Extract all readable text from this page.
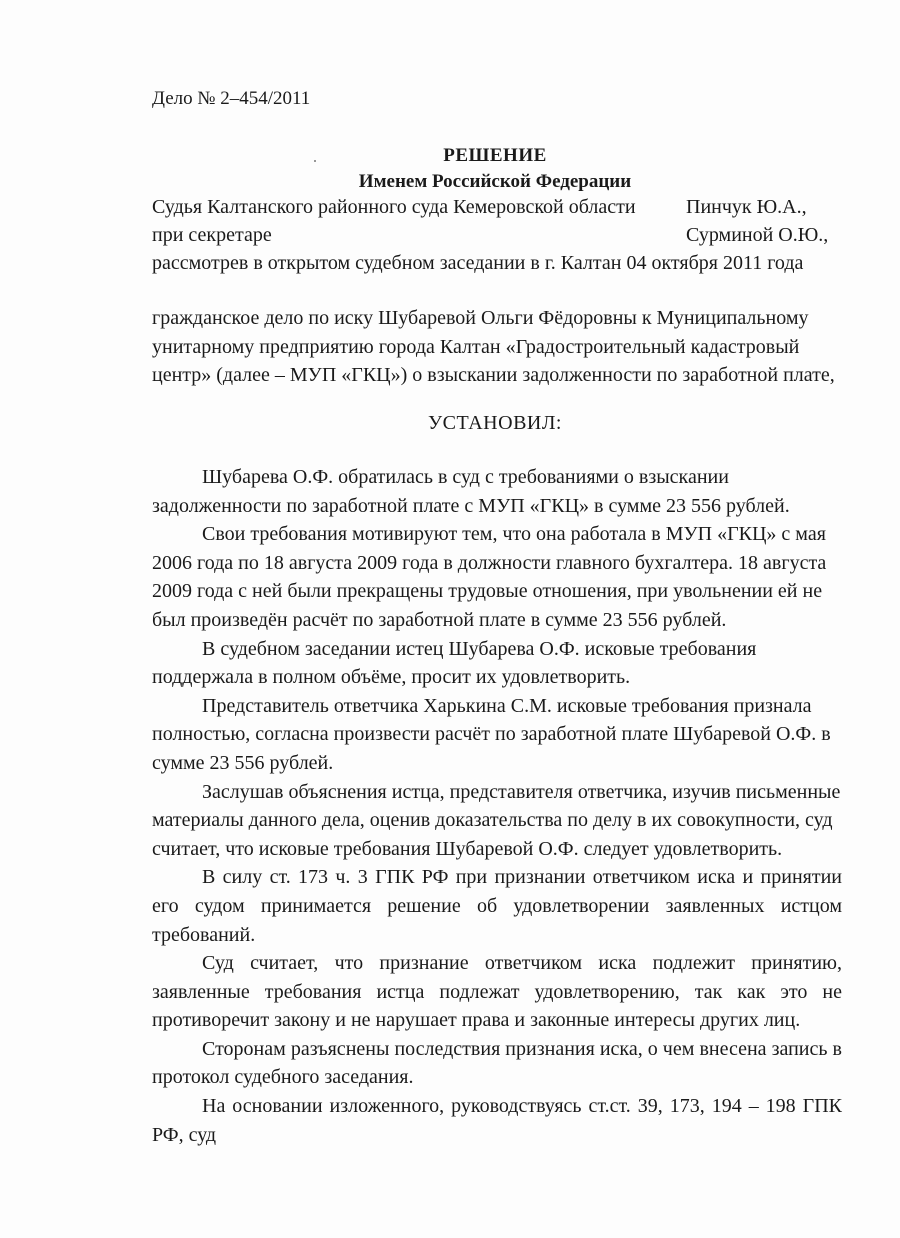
Дело № 2–454/2011
РЕШЕНИЕ
Именем Российской Федерации
Судья Калтанского районного суда Кемеровской области	Пинчук Ю.А.,
при секретаре	Сурминой О.Ю.,
рассмотрев в открытом судебном заседании в г. Калтан 04 октября 2011 года

гражданское дело по иску Шубаревой Ольги Фёдоровны к Муниципальному унитарному предприятию города Калтан «Градостроительный кадастровый центр» (далее – МУП «ГКЦ») о взыскании задолженности по заработной плате,

УСТАНОВИЛ:

Шубарева О.Ф. обратилась в суд с требованиями о взыскании задолженности по заработной плате с МУП «ГКЦ» в сумме 23 556 рублей.

Свои требования мотивируют тем, что она работала в МУП «ГКЦ» с мая 2006 года по 18 августа 2009 года в должности главного бухгалтера. 18 августа 2009 года с ней были прекращены трудовые отношения, при увольнении ей не был произведён расчёт по заработной плате в сумме 23 556 рублей.

В судебном заседании истец Шубарева О.Ф. исковые требования поддержала в полном объёме, просит их удовлетворить.

Представитель ответчика Харькина С.М. исковые требования признала полностью, согласна произвести расчёт по заработной плате Шубаревой О.Ф. в сумме 23 556 рублей.

Заслушав объяснения истца, представителя ответчика, изучив письменные материалы данного дела, оценив доказательства по делу в их совокупности, суд считает, что исковые требования Шубаревой О.Ф. следует удовлетворить.

В силу ст. 173 ч. 3 ГПК РФ при признании ответчиком иска и принятии его судом принимается решение об удовлетворении заявленных истцом требований.

Суд считает, что признание ответчиком иска подлежит принятию, заявленные требования истца подлежат удовлетворению, так как это не противоречит закону и не нарушает права и законные интересы других лиц.

Сторонам разъяснены последствия признания иска, о чем внесена запись в протокол судебного заседания.

На основании изложенного, руководствуясь ст.ст. 39, 173, 194 – 198 ГПК РФ, суд
